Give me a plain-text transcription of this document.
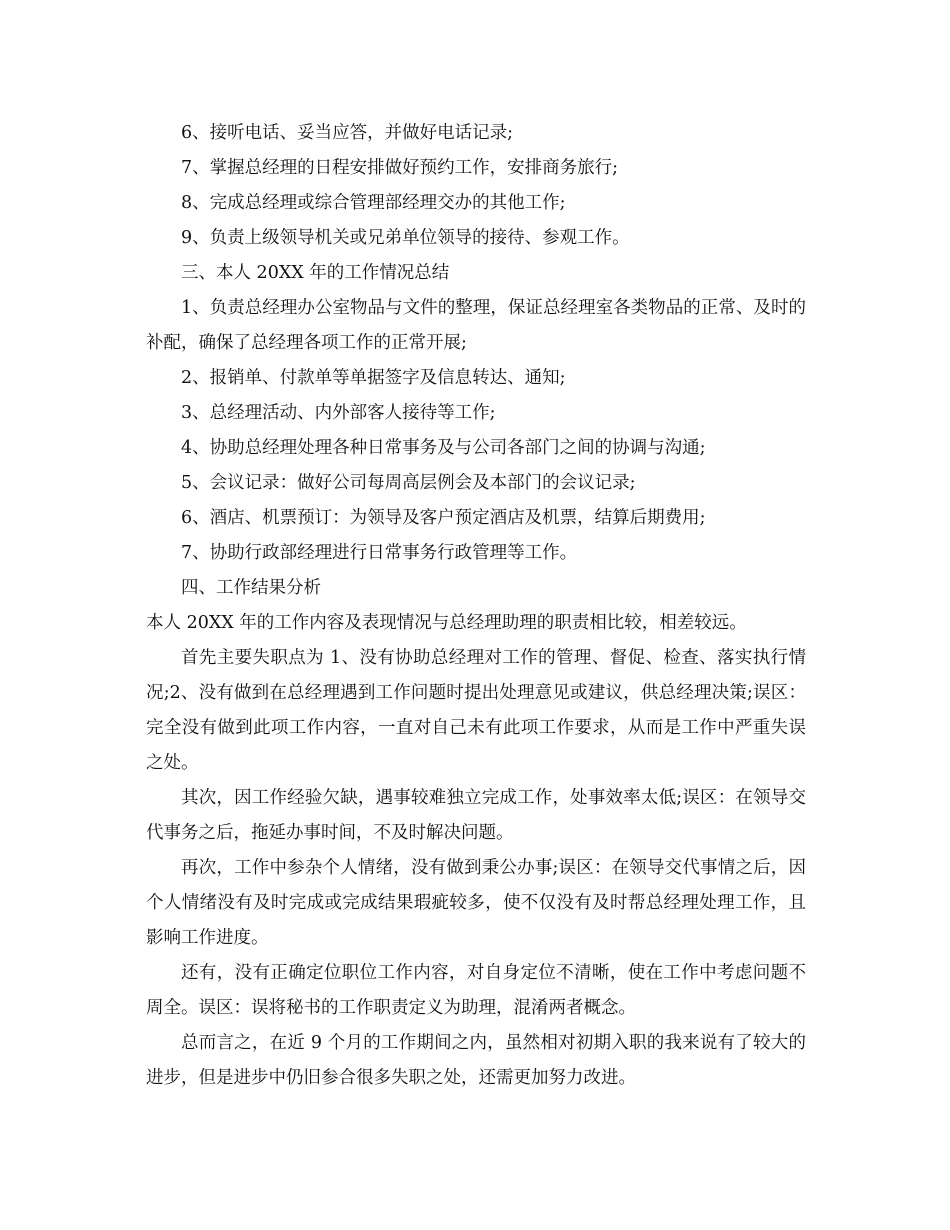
6、接听电话、妥当应答，并做好电话记录;

7、掌握总经理的日程安排做好预约工作，安排商务旅行;

8、完成总经理或综合管理部经理交办的其他工作;

9、负责上级领导机关或兄弟单位领导的接待、参观工作。

三、本人 20XX 年的工作情况总结

1、负责总经理办公室物品与文件的整理，保证总经理室各类物品的正常、及时的补配，确保了总经理各项工作的正常开展;

2、报销单、付款单等单据签字及信息转达、通知;

3、总经理活动、内外部客人接待等工作;

4、协助总经理处理各种日常事务及与公司各部门之间的协调与沟通;

5、会议记录：做好公司每周高层例会及本部门的会议记录;

6、酒店、机票预订：为领导及客户预定酒店及机票，结算后期费用;

7、协助行政部经理进行日常事务行政管理等工作。

四、工作结果分析

本人 20XX 年的工作内容及表现情况与总经理助理的职责相比较，相差较远。

首先主要失职点为 1、没有协助总经理对工作的管理、督促、检查、落实执行情况;2、没有做到在总经理遇到工作问题时提出处理意见或建议，供总经理决策;误区：完全没有做到此项工作内容，一直对自己未有此项工作要求，从而是工作中严重失误之处。

其次，因工作经验欠缺，遇事较难独立完成工作，处事效率太低;误区：在领导交代事务之后，拖延办事时间，不及时解决问题。

再次，工作中参杂个人情绪，没有做到秉公办事;误区：在领导交代事情之后，因个人情绪没有及时完成或完成结果瑕疵较多，使不仅没有及时帮总经理处理工作，且影响工作进度。

还有，没有正确定位职位工作内容，对自身定位不清晰，使在工作中考虑问题不周全。误区：误将秘书的工作职责定义为助理，混淆两者概念。

总而言之，在近 9 个月的工作期间之内，虽然相对初期入职的我来说有了较大的进步，但是进步中仍旧参合很多失职之处，还需更加努力改进。
